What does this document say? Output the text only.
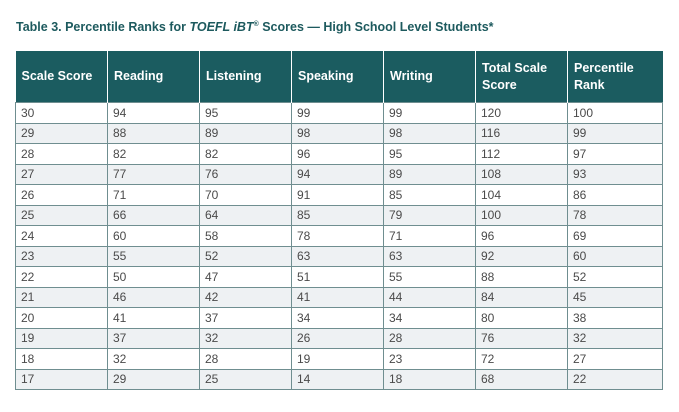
Table 3. Percentile Ranks for TOEFL iBT® Scores — High School Level Students*
Scale Score	Reading	Listening	Speaking	Writing	Total Scale Score	Percentile Rank
30	94	95	99	99	120	100
29	88	89	98	98	116	99
28	82	82	96	95	112	97
27	77	76	94	89	108	93
26	71	70	91	85	104	86
25	66	64	85	79	100	78
24	60	58	78	71	96	69
23	55	52	63	63	92	60
22	50	47	51	55	88	52
21	46	42	41	44	84	45
20	41	37	34	34	80	38
19	37	32	26	28	76	32
18	32	28	19	23	72	27
17	29	25	14	18	68	22
